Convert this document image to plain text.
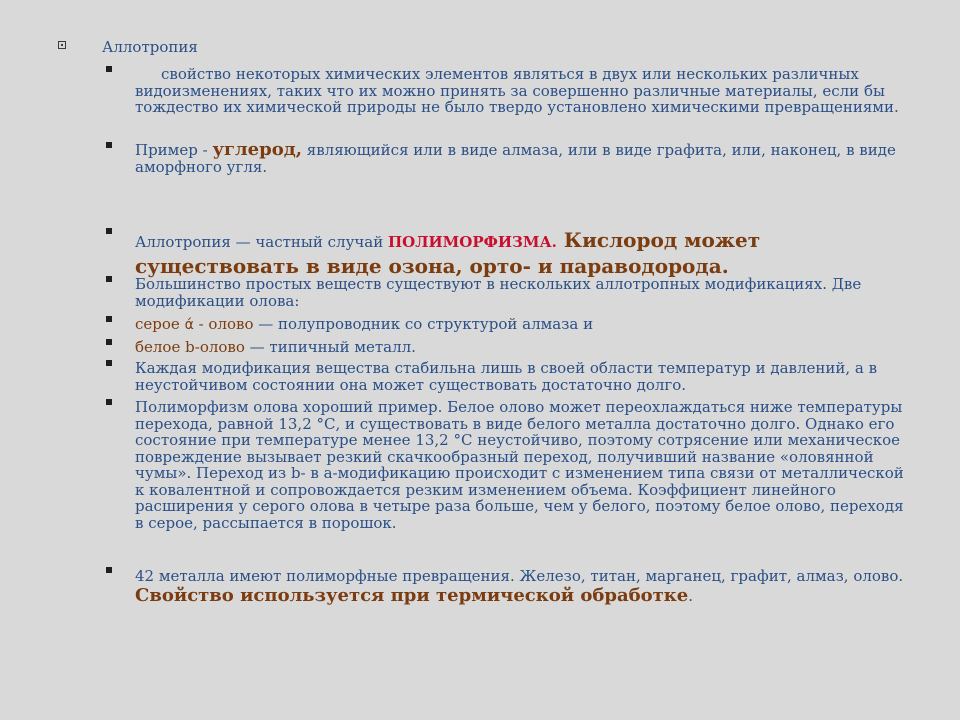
Аллотропия
свойство некоторых химических элементов являться в двух или нескольких различных видоизменениях, таких что их можно принять за совершенно различные материалы, если бы тождество их химической природы не было твердо установлено химическими превращениями.
Пример - углерод, являющийся или в виде алмаза, или в виде графита, или, наконец, в виде аморфного угля.
Аллотропия — частный случай ПОЛИМОРФИЗМА. Кислород может существовать в виде озона, орто- и параводорода.
Большинство простых веществ существуют в нескольких аллотропных модификациях. Две модификации олова:
серое ά - олово — полупроводник со структурой алмаза и
белое b-олово — типичный металл.
Каждая модификация вещества стабильна лишь в своей области температур и давлений, а в неустойчивом состоянии она может существовать достаточно долго.
Полиморфизм олова хороший пример. Белое олово может переохлаждаться ниже температуры перехода, равной 13,2 °С, и существовать в виде белого металла достаточно долго. Однако его состояние при температуре менее 13,2 °С неустойчиво, поэтому сотрясение или механическое повреждение вызывает резкий скачкообразный переход, получивший название «оловянной чумы». Переход из b- в a-модификацию происходит с изменением типа связи от металлической к ковалентной и сопровождается резким изменением объема. Коэффициент линейного расширения у серого олова в четыре раза больше, чем у белого, поэтому белое олово, переходя в серое, рассыпается в порошок.
42 металла имеют полиморфные превращения. Железо, титан, марганец, графит, алмаз, олово. Свойство используется при термической обработке.
